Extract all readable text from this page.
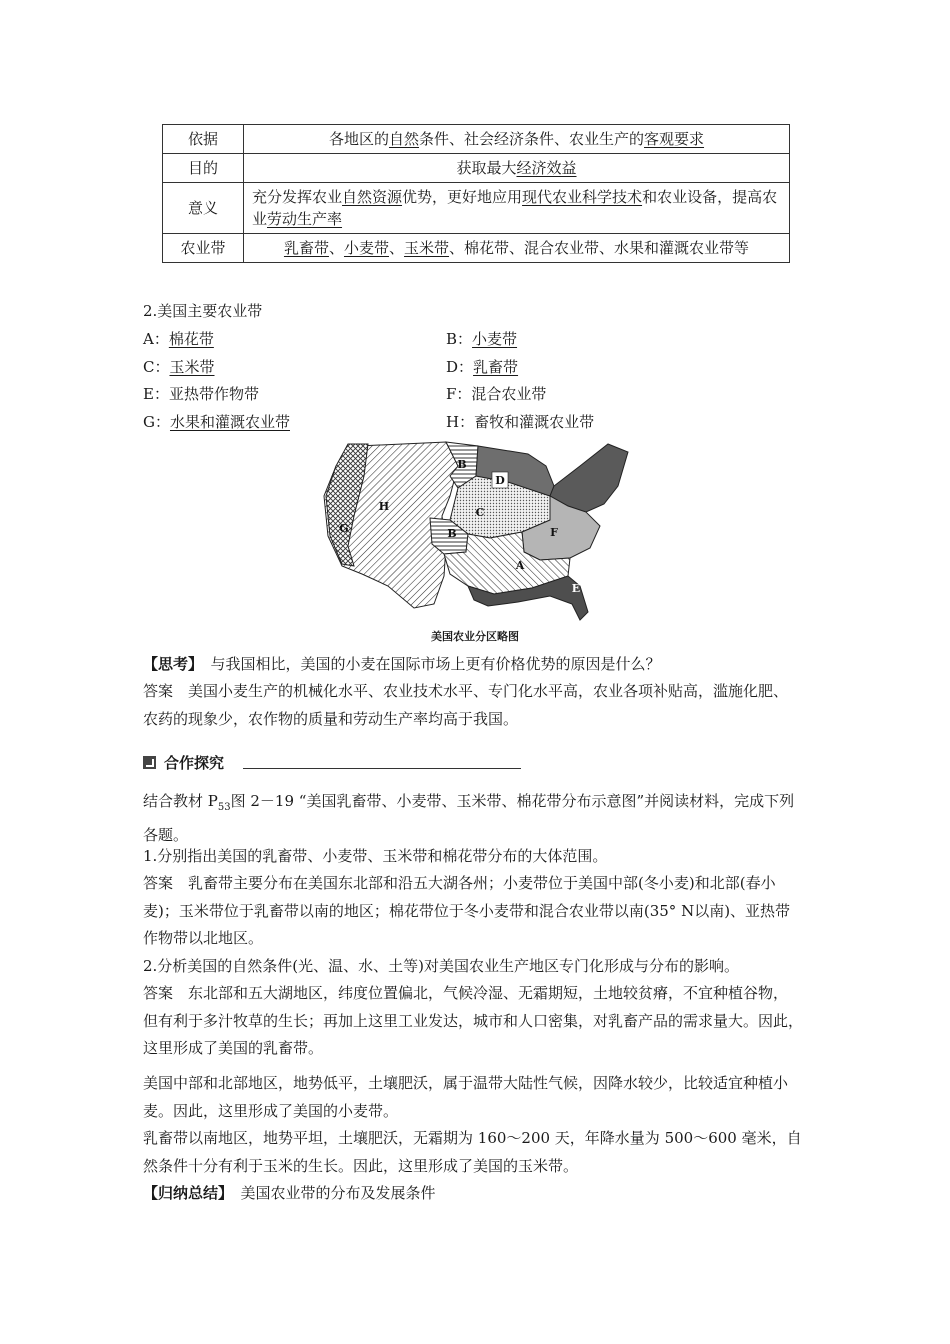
依据	各地区的自然条件、社会经济条件、农业生产的客观要求
目的	获取最大经济效益
意义	充分发挥农业自然资源优势，更好地应用现代农业科学技术和农业设备，提高农业劳动生产率
农业带	乳畜带、小麦带、玉米带、棉花带、混合农业带、水果和灌溉农业带等
2.美国主要农业带
A：棉花带	B：小麦带
C：玉米带	D：乳畜带
E：亚热带作物带	F：混合农业带
G：水果和灌溉农业带	H：畜牧和灌溉农业带
H
G
B
C
B
D
F
A
E
美国农业分区略图
【思考】　 与我国相比，美国的小麦在国际市场上更有价格优势的原因是什么？
答案　 美国小麦生产的机械化水平、农业技术水平、专门化水平高，农业各项补贴高，滥施化肥、农药的现象少，农作物的质量和劳动生产率均高于我国。
合作探究
结合教材 $P_{53}$图 2－19 “美国乳畜带、小麦带、玉米带、棉花带分布示意图”并阅读材料，完成下列各题。
1.分别指出美国的乳畜带、小麦带、玉米带和棉花带分布的大体范围。
答案　 乳畜带主要分布在美国东北部和沿五大湖各州；小麦带位于美国中部(冬小麦)和北部(春小麦)；玉米带位于乳畜带以南的地区；棉花带位于冬小麦带和混合农业带以南(35° N以南)、亚热带作物带以北地区。
2.分析美国的自然条件(光、温、水、土等)对美国农业生产地区专门化形成与分布的影响。
答案　 东北部和五大湖地区，纬度位置偏北，气候冷湿、无霜期短，土地较贫瘠，不宜种植谷物，但有利于多汁牧草的生长；再加上这里工业发达，城市和人口密集，对乳畜产品的需求量大。因此，这里形成了美国的乳畜带。
美国中部和北部地区，地势低平，土壤肥沃，属于温带大陆性气候，因降水较少，比较适宜种植小麦。因此，这里形成了美国的小麦带。
乳畜带以南地区，地势平坦，土壤肥沃，无霜期为 160～200 天，年降水量为 500～600 毫米，自然条件十分有利于玉米的生长。因此，这里形成了美国的玉米带。
【归纳总结】　 美国农业带的分布及发展条件
